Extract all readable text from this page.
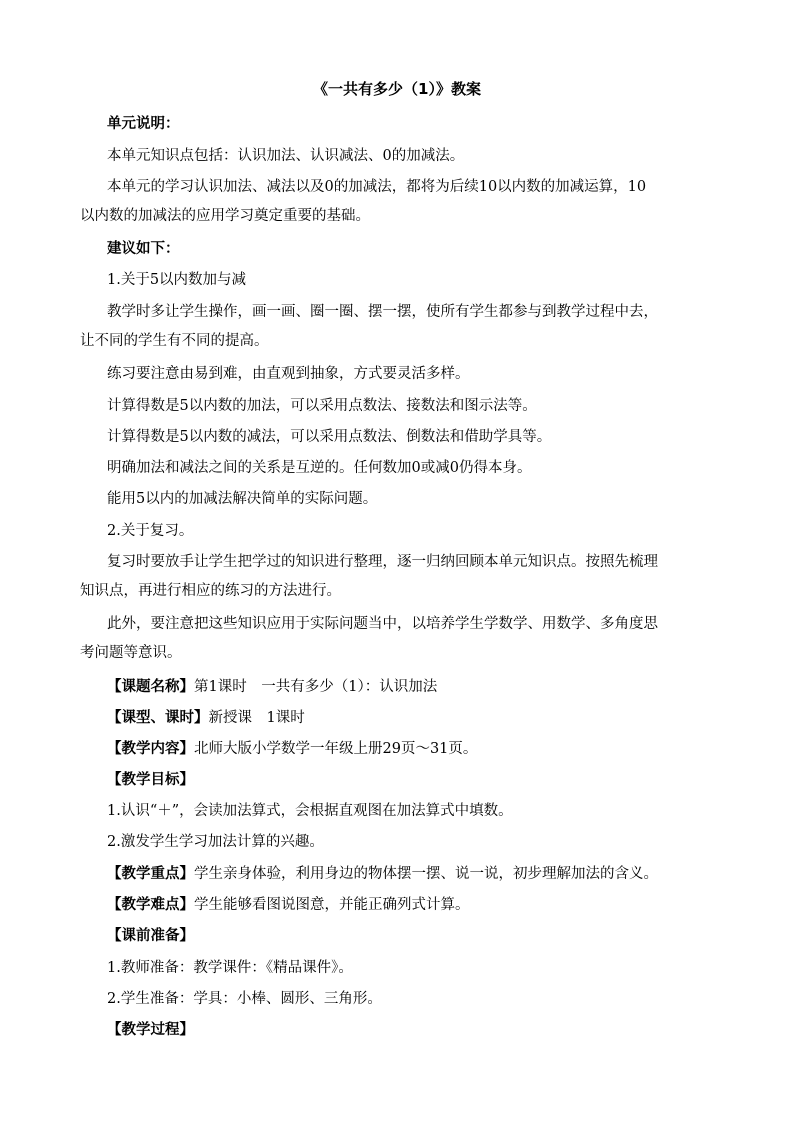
《一共有多少（1）》教案
单元说明：
本单元知识点包括：认识加法、认识减法、0的加减法。
本单元的学习认识加法、减法以及0的加减法，都将为后续10以内数的加减运算，10
以内数的加减法的应用学习奠定重要的基础。
建议如下：
1.关于5以内数加与减
教学时多让学生操作，画一画、圈一圈、摆一摆，使所有学生都参与到教学过程中去，
让不同的学生有不同的提高。
练习要注意由易到难，由直观到抽象，方式要灵活多样。
计算得数是5以内数的加法，可以采用点数法、接数法和图示法等。
计算得数是5以内数的减法，可以采用点数法、倒数法和借助学具等。
明确加法和减法之间的关系是互逆的。任何数加0或减0仍得本身。
能用5以内的加减法解决简单的实际问题。
2.关于复习。
复习时要放手让学生把学过的知识进行整理，逐一归纳回顾本单元知识点。按照先梳理
知识点，再进行相应的练习的方法进行。
此外，要注意把这些知识应用于实际问题当中，以培养学生学数学、用数学、多角度思
考问题等意识。
【课题名称】第1课时　一共有多少（1）：认识加法
【课型、课时】新授课　1课时
【教学内容】北师大版小学数学一年级上册29页～31页。
【教学目标】
1.认识“＋”，会读加法算式，会根据直观图在加法算式中填数。
2.激发学生学习加法计算的兴趣。
【教学重点】学生亲身体验，利用身边的物体摆一摆、说一说，初步理解加法的含义。
【教学难点】学生能够看图说图意，并能正确列式计算。
【课前准备】
1.教师准备：教学课件：《精品课件》。
2.学生准备：学具：小棒、圆形、三角形。
【教学过程】
